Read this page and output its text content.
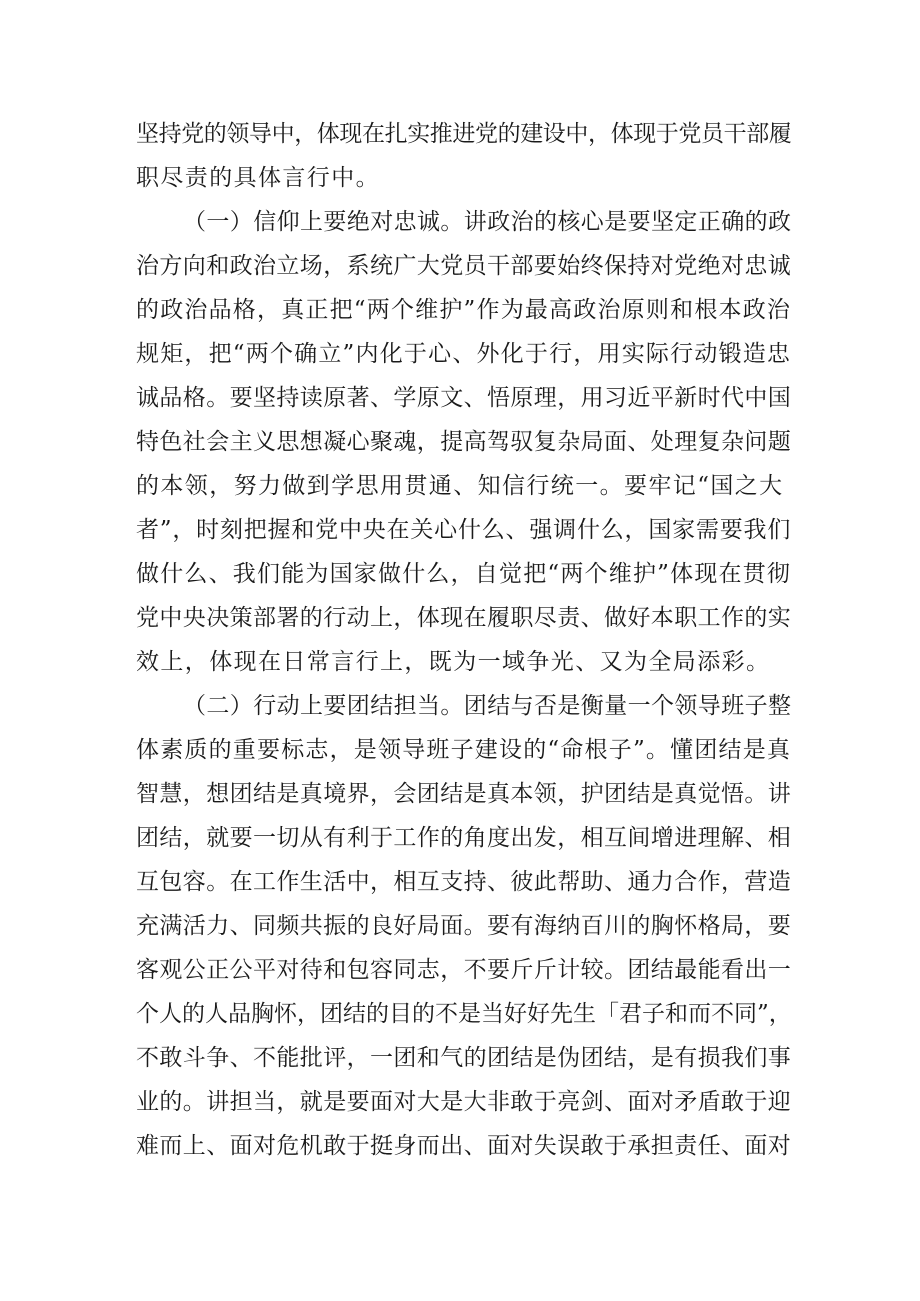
坚持党的领导中，体现在扎实推进党的建设中，体现于党员干部履
职尽责的具体言行中。
（一）信仰上要绝对忠诚。讲政治的核心是要坚定正确的政
治方向和政治立场，系统广大党员干部要始终保持对党绝对忠诚
的政治品格，真正把“两个维护”作为最高政治原则和根本政治
规矩，把“两个确立”内化于心、外化于行，用实际行动锻造忠
诚品格。要坚持读原著、学原文、悟原理，用习近平新时代中国
特色社会主义思想凝心聚魂，提高驾驭复杂局面、处理复杂问题
的本领，努力做到学思用贯通、知信行统一。要牢记“国之大
者”，时刻把握和党中央在关心什么、强调什么，国家需要我们
做什么、我们能为国家做什么，自觉把“两个维护”体现在贯彻
党中央决策部署的行动上，体现在履职尽责、做好本职工作的实
效上，体现在日常言行上，既为一域争光、又为全局添彩。
（二）行动上要团结担当。团结与否是衡量一个领导班子整
体素质的重要标志，是领导班子建设的“命根子”。懂团结是真
智慧，想团结是真境界，会团结是真本领，护团结是真觉悟。讲
团结，就要一切从有利于工作的角度出发，相互间增进理解、相
互包容。在工作生活中，相互支持、彼此帮助、通力合作，营造
充满活力、同频共振的良好局面。要有海纳百川的胸怀格局，要
客观公正公平对待和包容同志，不要斤斤计较。团结最能看出一
个人的人品胸怀，团结的目的不是当好好先生「君子和而不同”，
不敢斗争、不能批评，一团和气的团结是伪团结，是有损我们事
业的。讲担当，就是要面对大是大非敢于亮剑、面对矛盾敢于迎
难而上、面对危机敢于挺身而出、面对失误敢于承担责任、面对
